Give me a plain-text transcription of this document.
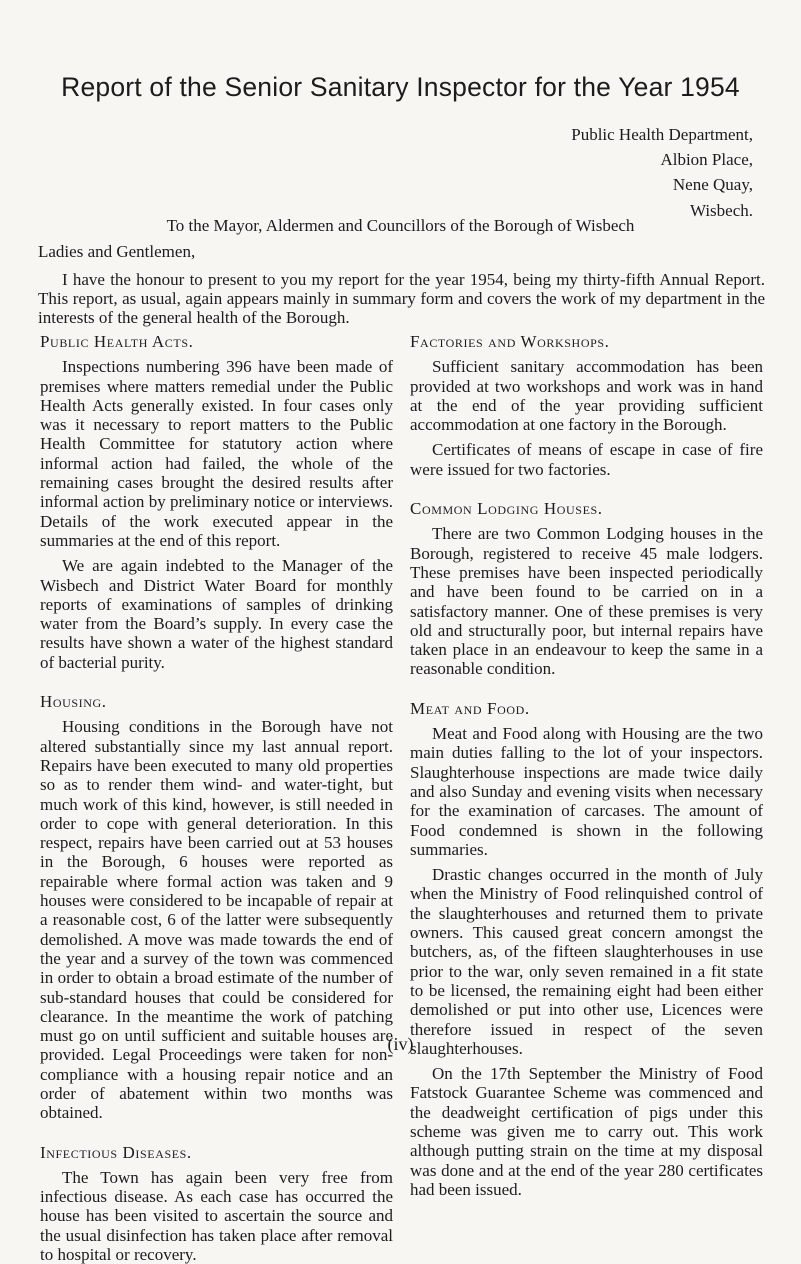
Report of the Senior Sanitary Inspector for the Year 1954
Public Health Department,
Albion Place,
Nene Quay,
Wisbech.
To the Mayor, Aldermen and Councillors of the Borough of Wisbech
Ladies and Gentlemen,

I have the honour to present to you my report for the year 1954, being my thirty-fifth Annual Report. This report, as usual, again appears mainly in summary form and covers the work of my department in the interests of the general health of the Borough.

Public Health Acts.

Inspections numbering 396 have been made of premises where matters remedial under the Public Health Acts generally existed. In four cases only was it necessary to report matters to the Public Health Committee for statutory action where informal action had failed, the whole of the remaining cases brought the desired results after informal action by preliminary notice or interviews. Details of the work executed appear in the summaries at the end of this report.

We are again indebted to the Manager of the Wisbech and District Water Board for monthly reports of examinations of samples of drinking water from the Board’s supply. In every case the results have shown a water of the highest standard of bacterial purity.

Housing.

Housing conditions in the Borough have not altered substantially since my last annual report. Repairs have been executed to many old properties so as to render them wind- and water-tight, but much work of this kind, however, is still needed in order to cope with general deterioration. In this respect, repairs have been carried out at 53 houses in the Borough, 6 houses were reported as repairable where formal action was taken and 9 houses were considered to be incapable of repair at a reasonable cost, 6 of the latter were subsequently demolished. A move was made towards the end of the year and a survey of the town was commenced in order to obtain a broad estimate of the number of sub-standard houses that could be considered for clearance. In the meantime the work of patching must go on until sufficient and suitable houses are provided. Legal Proceedings were taken for non-compliance with a housing repair notice and an order of abatement within two months was obtained.

Infectious Diseases.

The Town has again been very free from infectious disease. As each case has occurred the house has been visited to ascertain the source and the usual disinfection has taken place after removal to hospital or recovery.

Factories and Workshops.

Sufficient sanitary accommodation has been provided at two workshops and work was in hand at the end of the year providing sufficient accommodation at one factory in the Borough.

Certificates of means of escape in case of fire were issued for two factories.

Common Lodging Houses.

There are two Common Lodging houses in the Borough, registered to receive 45 male lodgers. These premises have been inspected periodically and have been found to be carried on in a satisfactory manner. One of these premises is very old and structurally poor, but internal repairs have taken place in an endeavour to keep the same in a reasonable condition.

Meat and Food.

Meat and Food along with Housing are the two main duties falling to the lot of your inspectors. Slaughterhouse inspections are made twice daily and also Sunday and evening visits when necessary for the examination of carcases. The amount of Food condemned is shown in the following summaries.

Drastic changes occurred in the month of July when the Ministry of Food relinquished control of the slaughterhouses and returned them to private owners. This caused great concern amongst the butchers, as, of the fifteen slaughterhouses in use prior to the war, only seven remained in a fit state to be licensed, the remaining eight had been either demolished or put into other use, Licences were therefore issued in respect of the seven slaughterhouses.

On the 17th September the Ministry of Food Fatstock Guarantee Scheme was commenced and the deadweight certification of pigs under this scheme was given me to carry out. This work although putting strain on the time at my disposal was done and at the end of the year 280 certificates had been issued.

(iv)
